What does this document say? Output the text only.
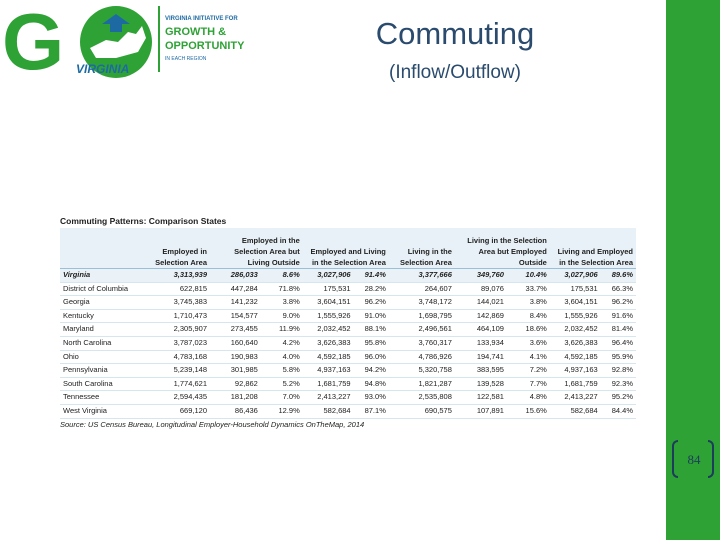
G VIRGINIA
VIRGINIA INITIATIVE FOR
GROWTH &
OPPORTUNITY
IN EACH REGION
Commuting
(Inflow/Outflow)
Commuting Patterns: Comparison States
	Employed in Selection Area	Employed in the Selection Area but Living Outside		Employed and Living in the Selection Area		Living in the Selection Area	Living in the Selection Area but Employed Outside		Living and Employed in the Selection Area	
Virginia	3,313,939	286,033	8.6%	3,027,906	91.4%	3,377,666	349,760	10.4%	3,027,906	89.6%
District of Columbia	622,815	447,284	71.8%	175,531	28.2%	264,607	89,076	33.7%	175,531	66.3%
Georgia	3,745,383	141,232	3.8%	3,604,151	96.2%	3,748,172	144,021	3.8%	3,604,151	96.2%
Kentucky	1,710,473	154,577	9.0%	1,555,926	91.0%	1,698,795	142,869	8.4%	1,555,926	91.6%
Maryland	2,305,907	273,455	11.9%	2,032,452	88.1%	2,496,561	464,109	18.6%	2,032,452	81.4%
North Carolina	3,787,023	160,640	4.2%	3,626,383	95.8%	3,760,317	133,934	3.6%	3,626,383	96.4%
Ohio	4,783,168	190,983	4.0%	4,592,185	96.0%	4,786,926	194,741	4.1%	4,592,185	95.9%
Pennsylvania	5,239,148	301,985	5.8%	4,937,163	94.2%	5,320,758	383,595	7.2%	4,937,163	92.8%
South Carolina	1,774,621	92,862	5.2%	1,681,759	94.8%	1,821,287	139,528	7.7%	1,681,759	92.3%
Tennessee	2,594,435	181,208	7.0%	2,413,227	93.0%	2,535,808	122,581	4.8%	2,413,227	95.2%
West Virginia	669,120	86,436	12.9%	582,684	87.1%	690,575	107,891	15.6%	582,684	84.4%
Source: US Census Bureau, Longitudinal Employer-Household Dynamics OnTheMap, 2014
84
